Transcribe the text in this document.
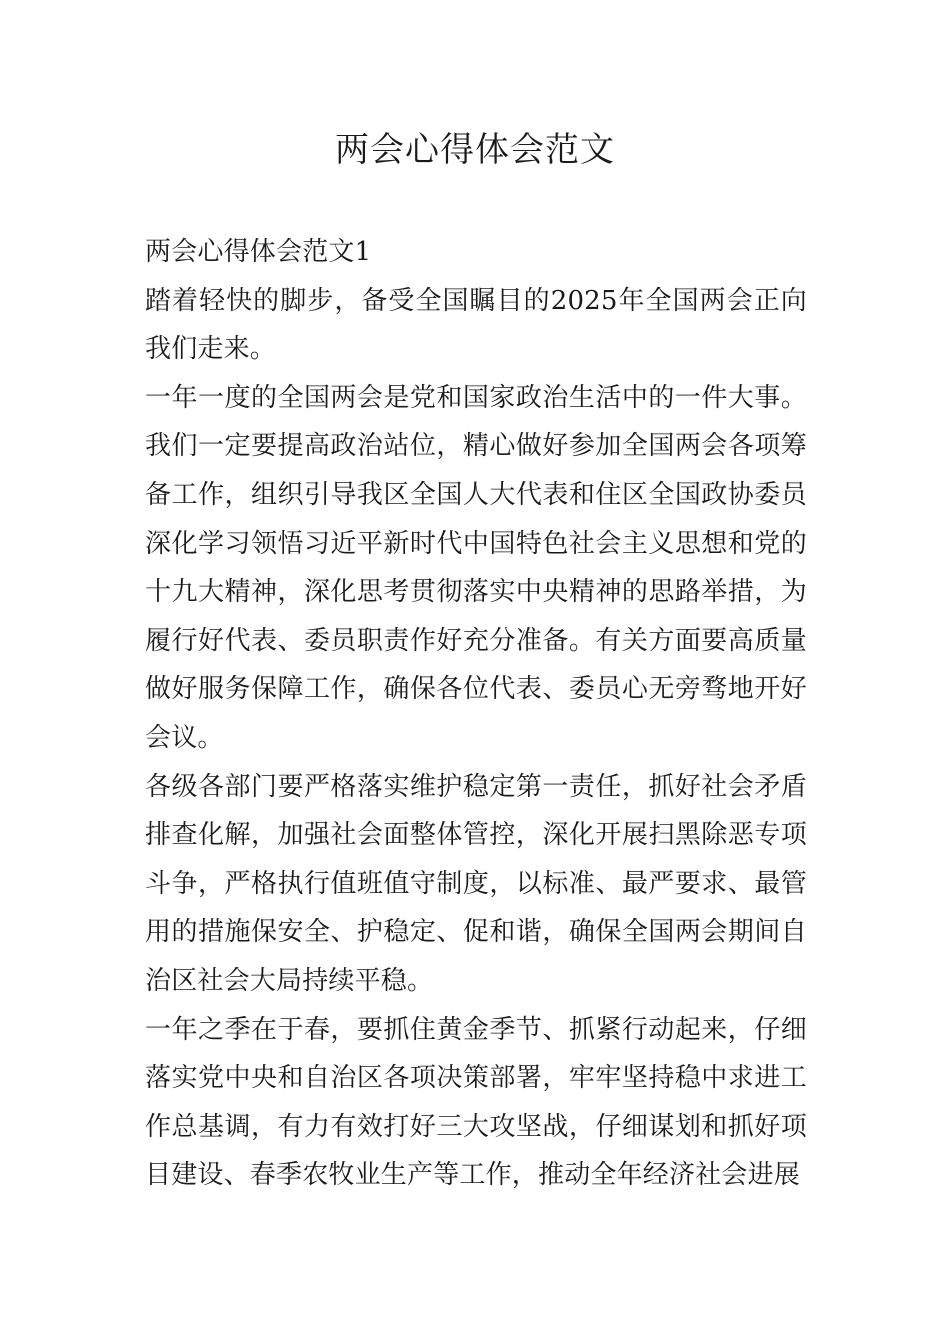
两会心得体会范文

两会心得体会范文1

踏着轻快的脚步，备受全国瞩目的2025年全国两会正向我们走来。

一年一度的全国两会是党和国家政治生活中的一件大事。我们一定要提高政治站位，精心做好参加全国两会各项筹备工作，组织引导我区全国人大代表和住区全国政协委员深化学习领悟习近平新时代中国特色社会主义思想和党的十九大精神，深化思考贯彻落实中央精神的思路举措，为履行好代表、委员职责作好充分准备。有关方面要高质量做好服务保障工作，确保各位代表、委员心无旁骛地开好会议。

各级各部门要严格落实维护稳定第一责任，抓好社会矛盾排查化解，加强社会面整体管控，深化开展扫黑除恶专项斗争，严格执行值班值守制度，以标准、最严要求、最管用的措施保安全、护稳定、促和谐，确保全国两会期间自治区社会大局持续平稳。

一年之季在于春，要抓住黄金季节、抓紧行动起来，仔细落实党中央和自治区各项决策部署，牢牢坚持稳中求进工作总基调，有力有效打好三大攻坚战，仔细谋划和抓好项目建设、春季农牧业生产等工作，推动全年经济社会进展
